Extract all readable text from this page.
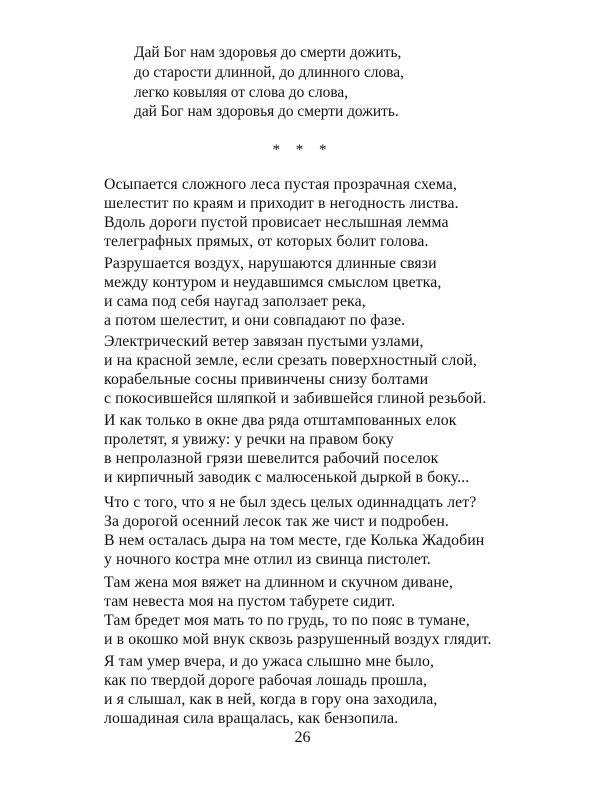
Дай Бог нам здоровья до смерти дожить,
до старости длинной, до длинного слова,
легко ковыляя от слова до слова,
дай Бог нам здоровья до смерти дожить.
* * *
Осыпается сложного леса пустая прозрачная схема,
шелестит по краям и приходит в негодность листва.
Вдоль дороги пустой провисает неслышная лемма
телеграфных прямых, от которых болит голова.
Разрушается воздух, нарушаются длинные связи
между контуром и неудавшимся смыслом цветка,
и сама под себя наугад заползает река,
а потом шелестит, и они совпадают по фазе.
Электрический ветер завязан пустыми узлами,
и на красной земле, если срезать поверхностный слой,
корабельные сосны привинчены снизу болтами
с покосившейся шляпкой и забившейся глиной резьбой.
И как только в окне два ряда отштампованных елок
пролетят, я увижу: у речки на правом боку
в непролазной грязи шевелится рабочий поселок
и кирпичный заводик с малюсенькой дыркой в боку...
Что с того, что я не был здесь целых одиннадцать лет?
За дорогой осенний лесок так же чист и подробен.
В нем осталась дыра на том месте, где Колька Жадобин
у ночного костра мне отлил из свинца пистолет.
Там жена моя вяжет на длинном и скучном диване,
там невеста моя на пустом табурете сидит.
Там бредет моя мать то по грудь, то по пояс в тумане,
и в окошко мой внук сквозь разрушенный воздух глядит.
Я там умер вчера, и до ужаса слышно мне было,
как по твердой дороге рабочая лошадь прошла,
и я слышал, как в ней, когда в гору она заходила,
лошадиная сила вращалась, как бензопила.
26
